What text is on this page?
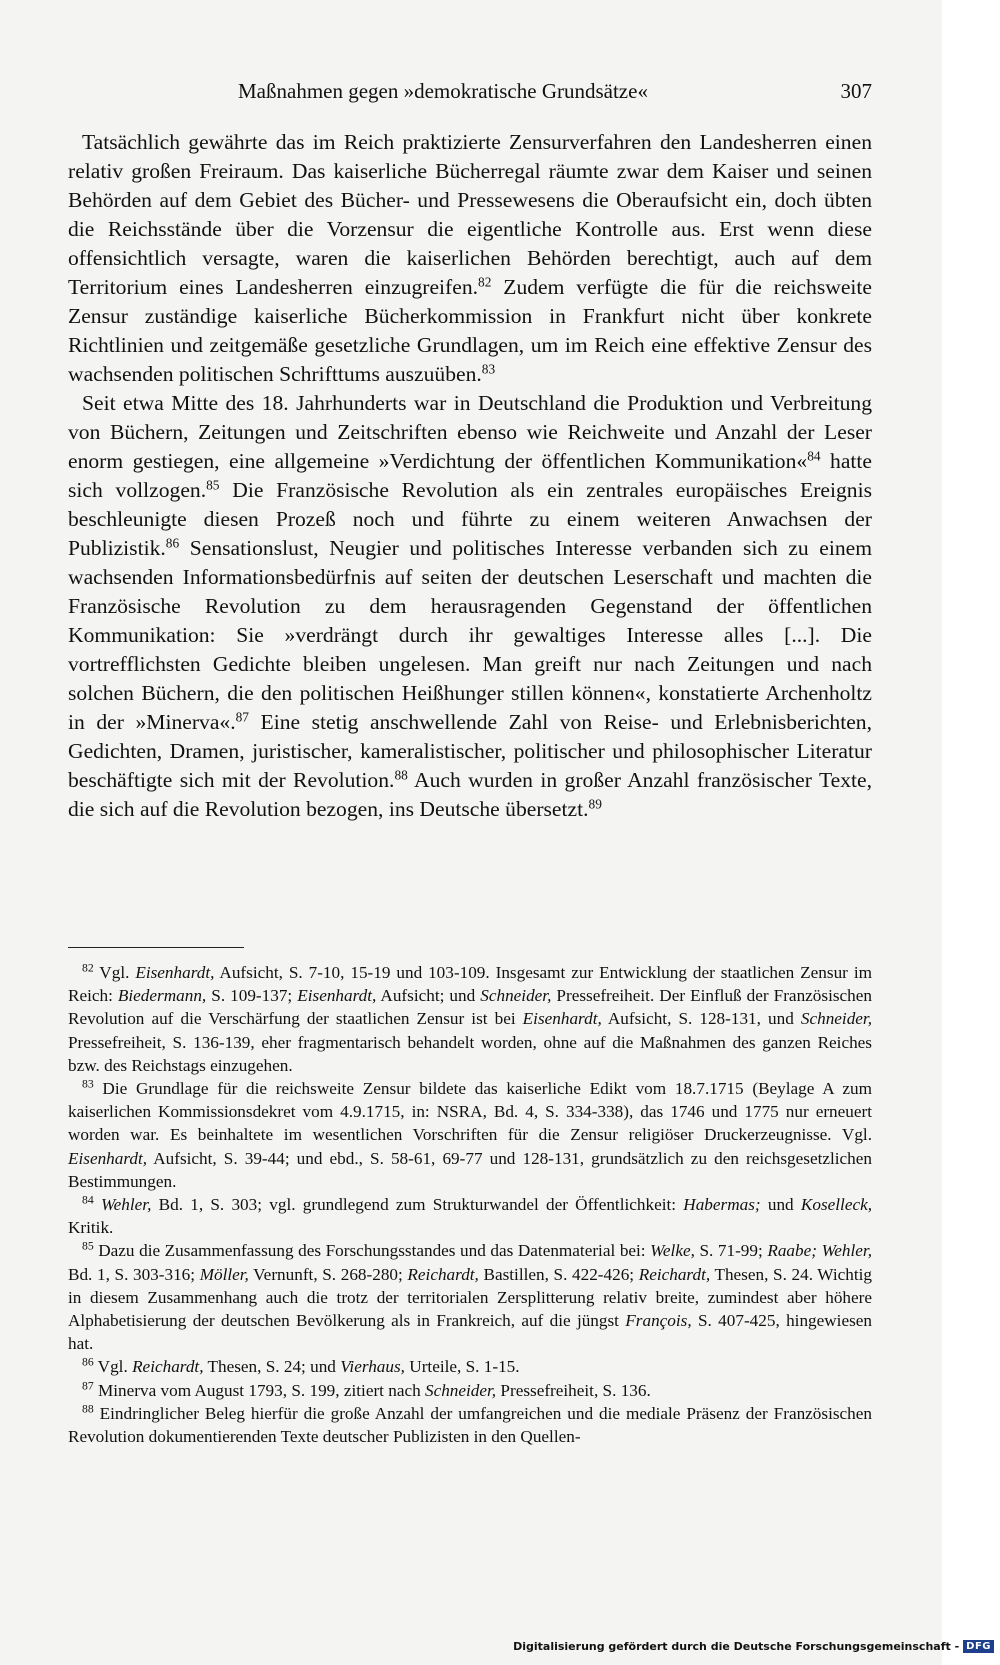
Maßnahmen gegen »demokratische Grundsätze«	307

Tatsächlich gewährte das im Reich praktizierte Zensurverfahren den Landesherren einen relativ großen Freiraum. Das kaiserliche Bücherregal räumte zwar dem Kaiser und seinen Behörden auf dem Gebiet des Bücher- und Pressewesens die Oberaufsicht ein, doch übten die Reichsstände über die Vorzensur die eigentliche Kontrolle aus. Erst wenn diese offensichtlich versagte, waren die kaiserlichen Behörden berechtigt, auch auf dem Territorium eines Landesherren einzugreifen.$^{82}$ Zudem verfügte die für die reichsweite Zensur zuständige kaiserliche Bücherkommission in Frankfurt nicht über konkrete Richtlinien und zeitgemäße gesetzliche Grundlagen, um im Reich eine effektive Zensur des wachsenden politischen Schrifttums auszuüben.$^{83}$

Seit etwa Mitte des 18. Jahrhunderts war in Deutschland die Produktion und Verbreitung von Büchern, Zeitungen und Zeitschriften ebenso wie Reichweite und Anzahl der Leser enorm gestiegen, eine allgemeine »Verdichtung der öffentlichen Kommunikation«$^{84}$ hatte sich vollzogen.$^{85}$ Die Französische Revolution als ein zentrales europäisches Ereignis beschleunigte diesen Prozeß noch und führte zu einem weiteren Anwachsen der Publizistik.$^{86}$ Sensationslust, Neugier und politisches Interesse verbanden sich zu einem wachsenden Informationsbedürfnis auf seiten der deutschen Leserschaft und machten die Französische Revolution zu dem herausragenden Gegenstand der öffentlichen Kommunikation: Sie »verdrängt durch ihr gewaltiges Interesse alles [...]. Die vortrefflichsten Gedichte bleiben ungelesen. Man greift nur nach Zeitungen und nach solchen Büchern, die den politischen Heißhunger stillen können«, konstatierte Archenholtz in der »Minerva«.$^{87}$ Eine stetig anschwellende Zahl von Reise- und Erlebnisberichten, Gedichten, Dramen, juristischer, kameralistischer, politischer und philosophischer Literatur beschäftigte sich mit der Revolution.$^{88}$ Auch wurden in großer Anzahl französischer Texte, die sich auf die Revolution bezogen, ins Deutsche übersetzt.$^{89}$

$^{82}$ Vgl. Eisenhardt, Aufsicht, S. 7-10, 15-19 und 103-109. Insgesamt zur Entwicklung der staatlichen Zensur im Reich: Biedermann, S. 109-137; Eisenhardt, Aufsicht; und Schneider, Pressefreiheit. Der Einfluß der Französischen Revolution auf die Verschärfung der staatlichen Zensur ist bei Eisenhardt, Aufsicht, S. 128-131, und Schneider, Pressefreiheit, S. 136-139, eher fragmentarisch behandelt worden, ohne auf die Maßnahmen des ganzen Reiches bzw. des Reichstags einzugehen.

$^{83}$ Die Grundlage für die reichsweite Zensur bildete das kaiserliche Edikt vom 18.7.1715 (Beylage A zum kaiserlichen Kommissionsdekret vom 4.9.1715, in: NSRA, Bd. 4, S. 334-338), das 1746 und 1775 nur erneuert worden war. Es beinhaltete im wesentlichen Vorschriften für die Zensur religiöser Druckerzeugnisse. Vgl. Eisenhardt, Aufsicht, S. 39-44; und ebd., S. 58-61, 69-77 und 128-131, grundsätzlich zu den reichsgesetzlichen Bestimmungen.

$^{84}$ Wehler, Bd. 1, S. 303; vgl. grundlegend zum Strukturwandel der Öffentlichkeit: Habermas; und Koselleck, Kritik.

$^{85}$ Dazu die Zusammenfassung des Forschungsstandes und das Datenmaterial bei: Welke, S. 71-99; Raabe; Wehler, Bd. 1, S. 303-316; Möller, Vernunft, S. 268-280; Reichardt, Bastillen, S. 422-426; Reichardt, Thesen, S. 24. Wichtig in diesem Zusammenhang auch die trotz der territorialen Zersplitterung relativ breite, zumindest aber höhere Alphabetisierung der deutschen Bevölkerung als in Frankreich, auf die jüngst François, S. 407-425, hingewiesen hat.

$^{86}$ Vgl. Reichardt, Thesen, S. 24; und Vierhaus, Urteile, S. 1-15.

$^{87}$ Minerva vom August 1793, S. 199, zitiert nach Schneider, Pressefreiheit, S. 136.

$^{88}$ Eindringlicher Beleg hierfür die große Anzahl der umfangreichen und die mediale Präsenz der Französischen Revolution dokumentierenden Texte deutscher Publizisten in den Quellen-

Digitalisierung gefördert durch die Deutsche Forschungsgemeinschaft - DFG
